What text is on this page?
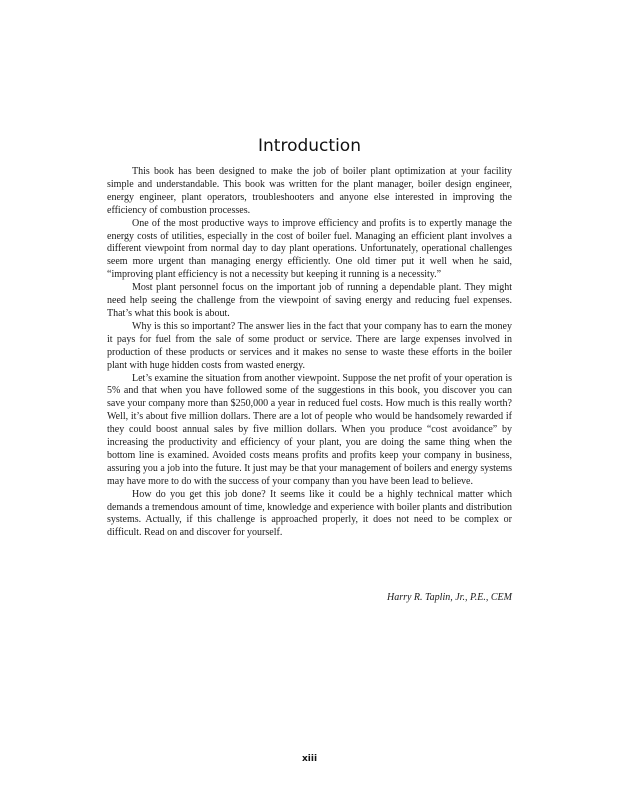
Introduction

This book has been designed to make the job of boiler plant optimization at your facility simple and understandable. This book was written for the plant manager, boiler design engineer, energy engineer, plant operators, troubleshooters and anyone else interested in improving the efficiency of combustion processes.

One of the most productive ways to improve efficiency and profits is to expertly manage the energy costs of utilities, especially in the cost of boiler fuel. Managing an efficient plant involves a different viewpoint from normal day to day plant operations. Unfortunately, operational challenges seem more urgent than managing energy efficiently. One old timer put it well when he said, “improving plant efficiency is not a necessity but keeping it running is a necessity.”

Most plant personnel focus on the important job of running a dependable plant. They might need help seeing the challenge from the viewpoint of saving energy and reducing fuel expenses. That’s what this book is about.

Why is this so important? The answer lies in the fact that your company has to earn the money it pays for fuel from the sale of some product or service. There are large expenses involved in production of these products or services and it makes no sense to waste these efforts in the boiler plant with huge hidden costs from wasted energy.

Let’s examine the situation from another viewpoint. Suppose the net profit of your operation is 5% and that when you have followed some of the suggestions in this book, you discover you can save your company more than $250,000 a year in reduced fuel costs. How much is this really worth? Well, it’s about five million dollars. There are a lot of people who would be handsomely rewarded if they could boost annual sales by five million dollars. When you produce “cost avoidance” by increasing the productivity and efficiency of your plant, you are doing the same thing when the bottom line is examined. Avoided costs means profits and profits keep your company in business, assuring you a job into the future. It just may be that your management of boilers and energy systems may have more to do with the success of your company than you have been lead to believe.

How do you get this job done? It seems like it could be a highly technical matter which demands a tremendous amount of time, knowledge and experience with boiler plants and distribution systems. Actually, if this challenge is approached properly, it does not need to be complex or difficult. Read on and discover for yourself.

Harry R. Taplin, Jr., P.E., CEM
xiii
